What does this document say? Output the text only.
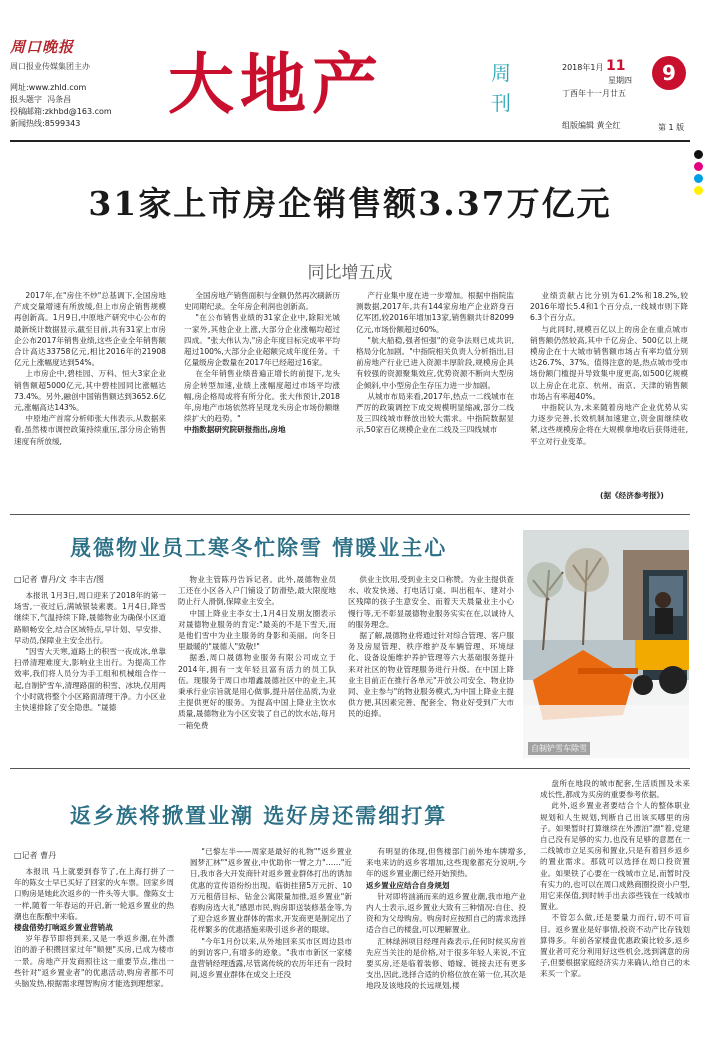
周口晚报
周口报业传媒集团主办
网址:www.zhld.com
报头题字 冯条昌
投稿邮箱:zkhbd@163.com
新闻热线:8599343
大地产	周刊
2018年1月 11
星期四
丁酉年十一月廿五
9
组版编辑 黄全红	第 1 版
31家上市房企销售额3.37万亿元
同比增五成

2017年,在"房住不炒"总基调下,全国房地产成交量增速有所放缓,但上市房企销售规模再创新高。1月9日,中原地产研究中心公布的最新统计数据显示,截至目前,共有31家上市房企公布2017年销售业绩,这些企业全年销售额合计高达33758亿元,相比2016年的21908亿元上涨幅度达到54%。

上市房企中,碧桂园、万科、恒大3家企业销售额超5000亿元,其中碧桂园同比涨幅达73.4%。另外,融创中国销售额达到3652.6亿元,涨幅高达143%。

中原地产首席分析师张大伟表示,从数据来看,虽然楼市调控政策持续重压,部分房企销售速度有所放缓,

全国房地产销售面积与金额仍然再次刷新历史同期纪录。全年房企利润也创新高。

"在公布销售业绩的31家企业中,除阳光城一家外,其他企业上涨,大部分企业涨幅均超过四成。"张大伟认为,"房企年度目标完成率平均超过100%,大部分企业超额完成年度任务。千亿量级房企数量在2017年已经超过16家。

在全年销售业绩普遍正增长的前提下,龙头房企转型加速,业绩上涨幅度超过市场平均涨幅,房企格局或将有所分化。张大伟预计,2018年,房地产市场依然将呈现龙头房企市场份额继续扩大的趋势。"

中指数据研究院研报指出,房地

产行业集中度在进一步增加。根据中指院监测数据,2017年,共有144家房地产企业跻身百亿军团,较2016年增加13家,销售额共计82099亿元,市场份额超过60%。

"航大船稳,强者恒强"的竞争法则已成共识,格局分化加剧。"中指院相关负责人分析指出,目前房地产行业已进入资源丰厚阶段,规模房企具有较强的资源聚集效应,优势资源不断向大型房企倾斜,中小型房企生存压力进一步加剧。

从城市布局来看,2017年,热点一二线城市在严厉的政策调控下成交规模明显缩减,部分二线及三四线城市释放出较大需求。中指院数据显示,50家百亿规模企业在二线及三四线城市

业绩贡献占比分别为61.2%和18.2%,较2016年增长5.4和1个百分点,一线城市则下降6.3个百分点。

与此同时,规模百亿以上的房企在重点城市销售额仍然较高,其中千亿房企、500亿以上规模房企在十大城市销售额市场占有率均值分别达26.7%、37%。值得注意的是,热点城市受市场份额门槛提升导致集中度更高,如500亿规模以上房企在北京、杭州、南京、天津的销售额市场占有率超40%。

中指院认为,未来随着房地产企业优势从实力逐步完善,长效机制加速建立,资金面继续收紧,这些规模房企将在大规模拿地收后获得进驻,平立对行业变革。

(据《经济参考报》)
晟德物业员工寒冬忙除雪 情暖业主心
□记者 曹丹/文 李丰吉/图

本报讯 1月3日,周口迎来了2018年的第一场雪,一夜过后,满城银装素裹。1月4日,降雪继续下,气温持续下降,晟德物业为确保小区道路顺畅安全,结合区域特点,早计划、早安排、早动员,保障业主安全出行。

"因雪大天寒,道路上的积雪一夜成冰,单靠扫帚清理难度大,影响业主出行。为提高工作效率,我们将人员分为手工组和机械组合作一起,自制铲雪车,清理路面的积雪、冰块,仅用两个小时就将整个小区路面清理干净。力小区业主快速排除了安全隐患。"晟德

物业主管陈丹告诉记者。此外,晟德物业员工还在小区各入户门铺设了防滑垫,最大限度地防止行人滑倒,保障业主安全。

中国上降业主李女士,1月4日发朋友圈表示对晟德物业服务的肯定:"最美的不是下雪天,而是他们雪中为业主服务的身影和美丽。向冬日里最暖的"晟德人"致敬!"

据悉,周口晟德物业服务有限公司成立于2014年,拥有一支年轻且富有活力的员工队伍。现服务于周口市增鑫晟德社区中的业主,其秉承行业宗旨就是用心做事,提升居住品质,为业主提供更好的服务。为提高中国上降业主饮水质量,晟德物业为小区安装了自己的饮水站,每月一箱免费

供业主饮用,受到业主交口称赞。为业主提供查水、收发快递、打电话订桌、叫出租车、建对小区残障的孩子生意安全、而着天天晨量业主小心慢行等,无不彰显晟德物业服务实实在在,以诚待人的服务理念。

据了解,晟德物业将通过针对综合管理、客户服务及房屋管理、秩序维护及车辆管理、环境绿化、设备设施维护养护管理等六大基础服务提升来对社区的物业管理服务进行升级。在中国上降业主目前正在推行各单元"开放公司安全、物业协同、业主参与"的物业服务模式,为中国上降业主提供方便,其因素完善、配套全、物业好受到广大市民的追捧。

自制铲雪车除雪
返乡族将掀置业潮 选好房还需细打算
□记者 曹丹

本报讯 马上就要到春节了,在上海打拼了一年的陈女士早已买好了回家的火车票。回家乡周口购房是她此次返乡的一件头等大事。像陈女士一样,随着一年春运的开启,新一轮返乡置业的热潮也在酝酿中来临。

楼盘借势打响返乡置业营销战

岁年春节即将到来,又是一季返乡潮,在外漂泊的游子积攒回家过年"顺便"买房,已成为楼市一景。房地产开发商照往这一重要节点,推出一些针对"返乡置业者"的优惠活动,购房者都不可头脑发热,根据需求理智购房才能选到理想家。

"已黎左半——周家是最好的礼物""返乡置业圆梦汇林""返乡置业,中优助你一臂之力"……"近日,我市各大开发商针对返乡置业群体打出的诱加优惠的宣传语纷纷出现。临街挂猪5万元折、10万元租借目标、钻金公寓限量加推,返乡置业"新春购房选大礼"感恩市民,购房即送装修基金等,为了迎合返乡置业群体的需求,开发商更是制定出了花样繁多的优惠措施来吸引返乡者的眼球。

"今年1月份以来,从外地回来买市区周边县市的到访客户,有增多的迹象。"我市市新区一家楼盘营销经理透露,尽管离传统的农历年还有一段时间,返乡置业群体在成交上还没

有明显的体现,但售楼部门前外地车牌增多,来电来访的返乡客增加,这些现象都充分说明,今年的返乡置业潮已经开始预热。

返乡置业应结合自身规划

针对即将汹涌而来的返乡置业潮,我市地产业内人士表示,返乡置业大致有三种情况:自住、投资和为父母购房。购房时应按照自己的需求选择适合自己的楼盘,可以理解置业。

汇林绿洲项目经理肖森表示,任何时候买房首先应当关注的是价格,对于很多年轻人来说,不宜要买房,还是临着装修、婚嫁、链接去还有更多支出,因此,选择合适的价格位放在第一位,其次是地段及该地段的长远规划,楼

盘所在地段的城市配套,生活质围及未来成长性,都成为买房的重要参考依据。

此外,返乡置业者要结合个人的整体职业规划和人生规划,判断自己出该买哪里的房子。如果暂时打算继续在外漂泊"漂"着,党建自己没有足够的实力,也没有足够的意愿在一二线城市立足买房和置业,只是有着回乡返乡的置业需求。那就可以选择在周口投资置业。如果铁了心要在一线城市立足,而暂时没有实力的,也可以在周口成熟商圈投资小户型,用它来保值,到时转手出去添些钱在一线城市置业。

不管怎么做,还是要量力而行,切不可盲目。返乡置业是好事情,投资不动产比存钱划算得多。年前各家楼盘优惠政策比较多,返乡置业者可充分利用好这些机会,选到满意的房子,但要根据家庭经济实力来确认,给自己的未来买一个家。
